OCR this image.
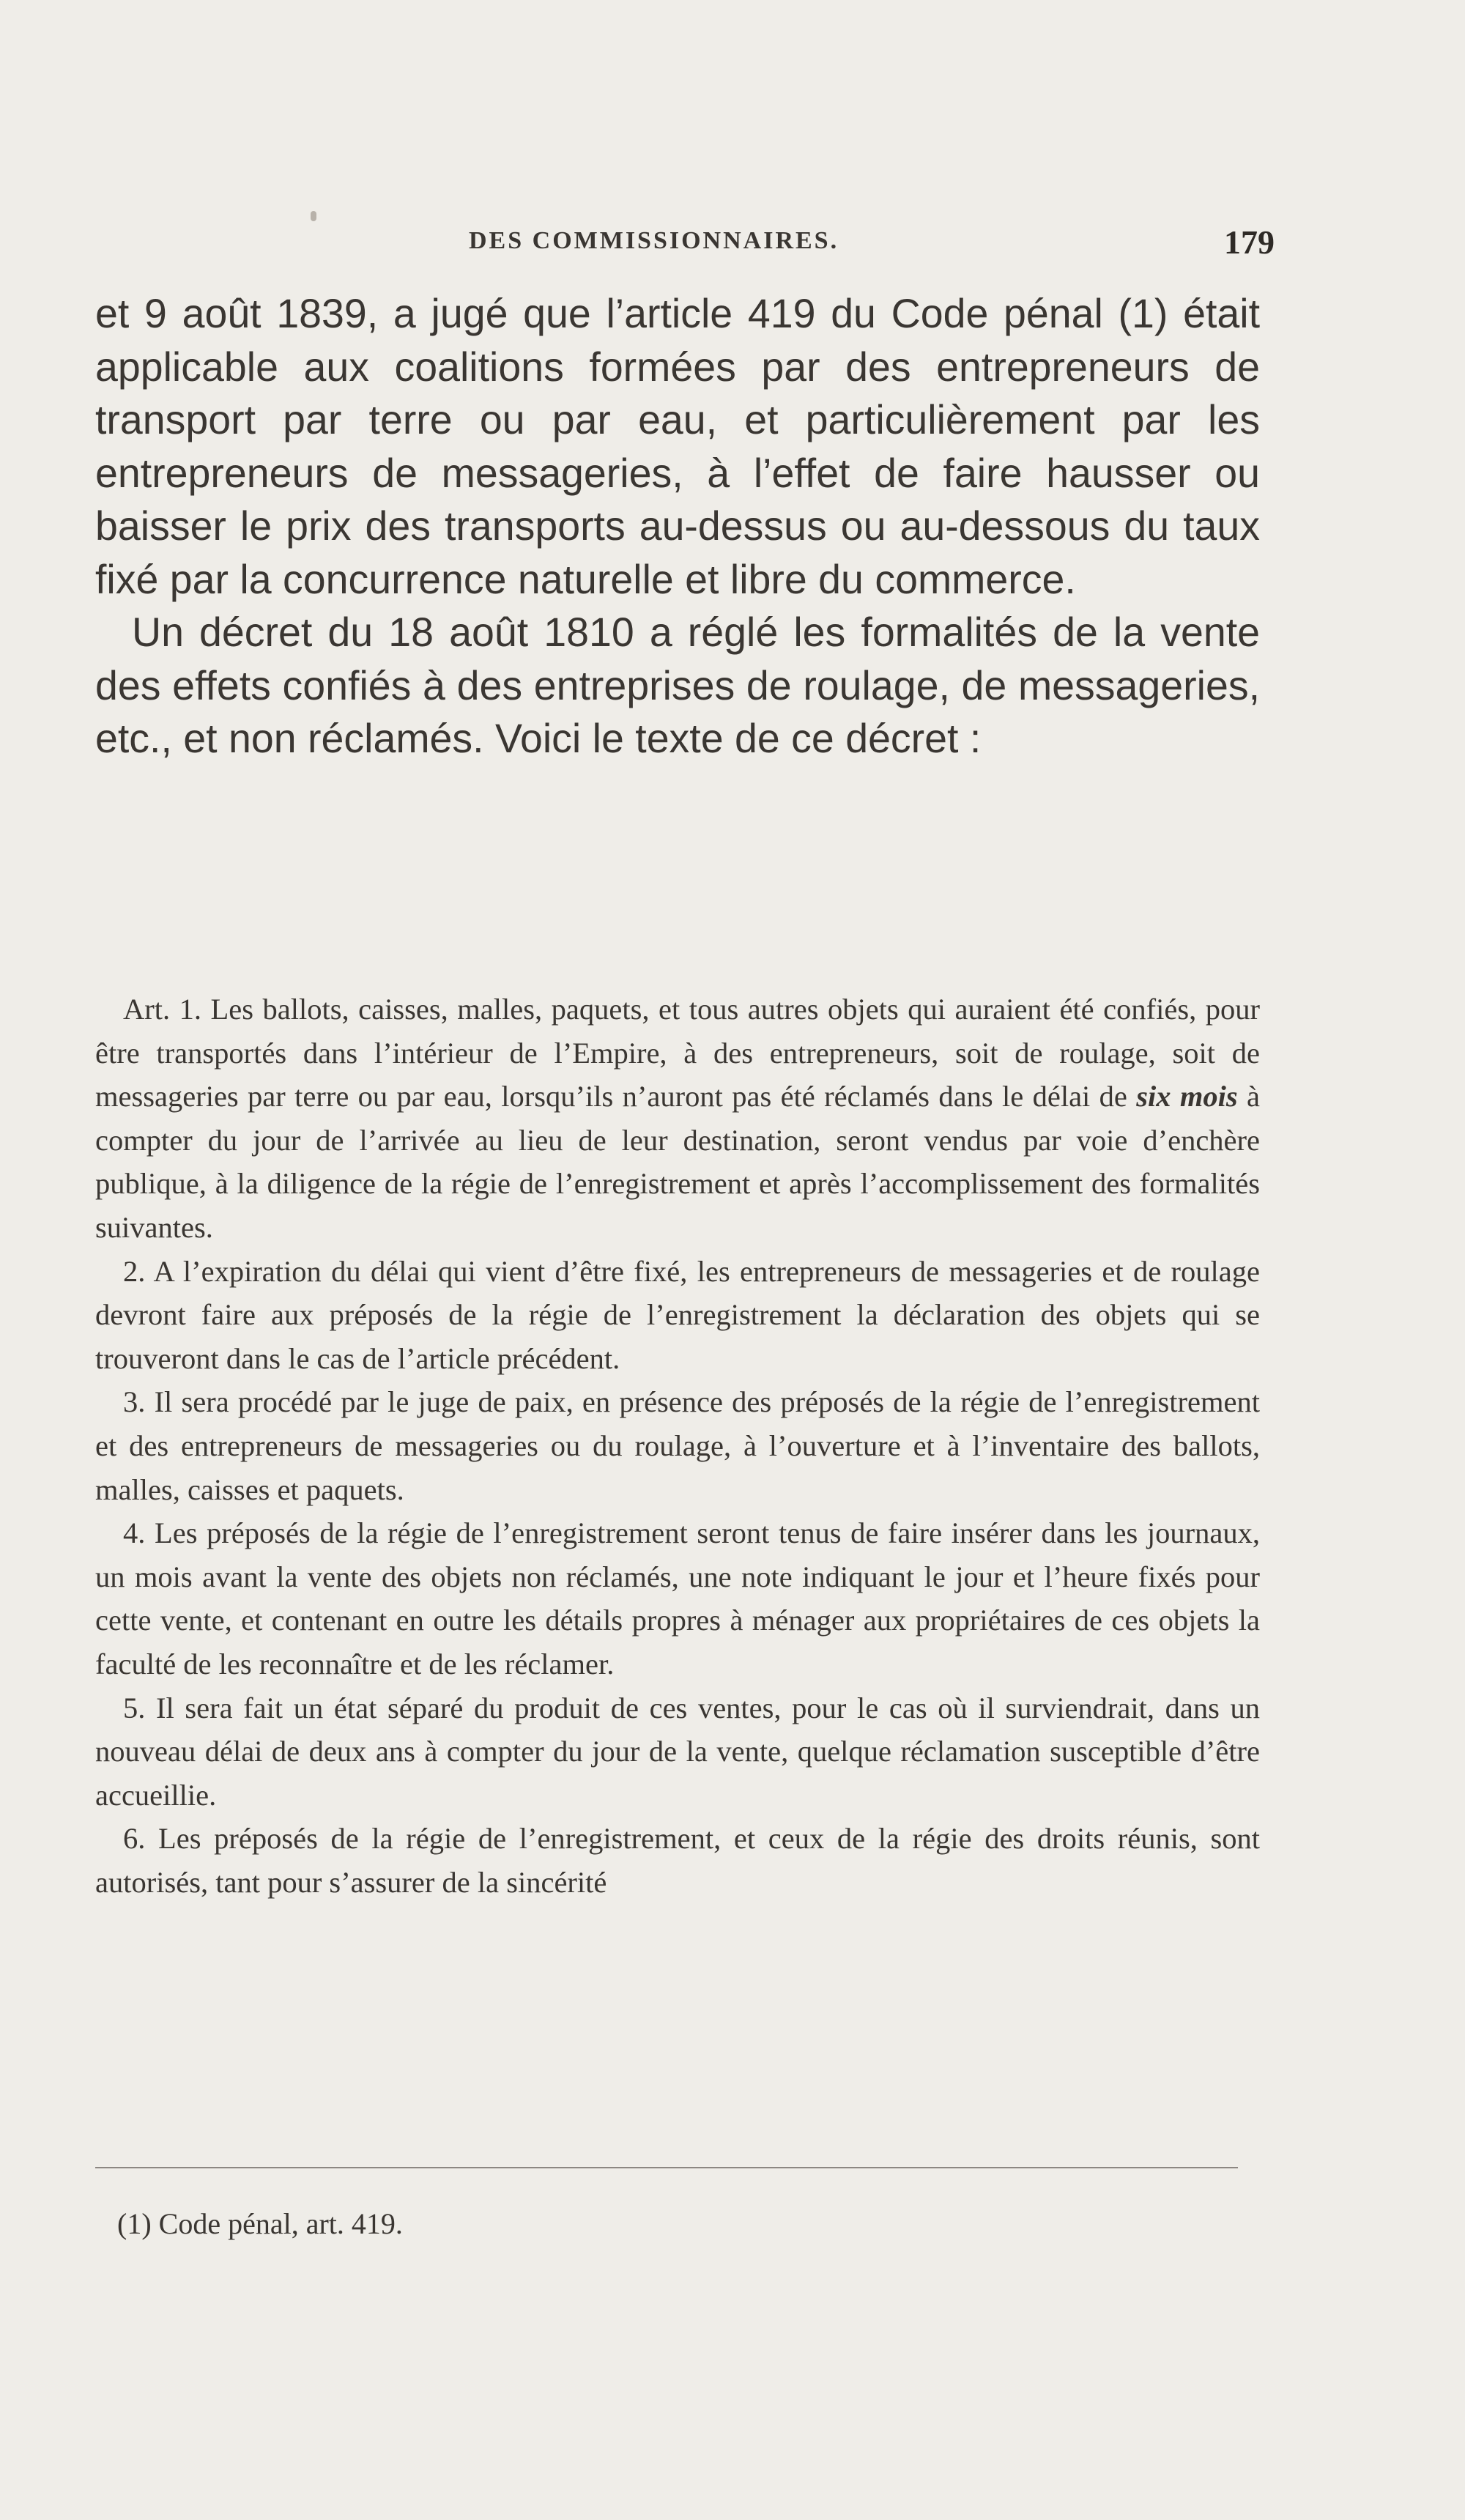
DES COMMISSIONNAIRES.	179

et 9 août 1839, a jugé que l’article 419 du Code pénal (1) était applicable aux coalitions formées par des entrepreneurs de transport par terre ou par eau, et particulièrement par les entrepreneurs de messageries, à l’effet de faire hausser ou baisser le prix des transports au-dessus ou au-dessous du taux fixé par la concurrence naturelle et libre du commerce.

Un décret du 18 août 1810 a réglé les formalités de la vente des effets confiés à des entreprises de roulage, de messageries, etc., et non réclamés. Voici le texte de ce décret :

Art. 1. Les ballots, caisses, malles, paquets, et tous autres objets qui auraient été confiés, pour être transportés dans l’intérieur de l’Empire, à des entrepreneurs, soit de roulage, soit de messageries par terre ou par eau, lorsqu’ils n’auront pas été réclamés dans le délai de six mois à compter du jour de l’arrivée au lieu de leur destination, seront vendus par voie d’enchère publique, à la diligence de la régie de l’enregistrement et après l’accomplissement des formalités suivantes.

2. A l’expiration du délai qui vient d’être fixé, les entrepreneurs de messageries et de roulage devront faire aux préposés de la régie de l’enregistrement la déclaration des objets qui se trouveront dans le cas de l’article précédent.

3. Il sera procédé par le juge de paix, en présence des préposés de la régie de l’enregistrement et des entrepreneurs de messageries ou du roulage, à l’ouverture et à l’inventaire des ballots, malles, caisses et paquets.

4. Les préposés de la régie de l’enregistrement seront tenus de faire insérer dans les journaux, un mois avant la vente des objets non réclamés, une note indiquant le jour et l’heure fixés pour cette vente, et contenant en outre les détails propres à ménager aux propriétaires de ces objets la faculté de les reconnaître et de les réclamer.

5. Il sera fait un état séparé du produit de ces ventes, pour le cas où il surviendrait, dans un nouveau délai de deux ans à compter du jour de la vente, quelque réclamation susceptible d’être accueillie.

6. Les préposés de la régie de l’enregistrement, et ceux de la régie des droits réunis, sont autorisés, tant pour s’assurer de la sincérité

(1) Code pénal, art. 419.
